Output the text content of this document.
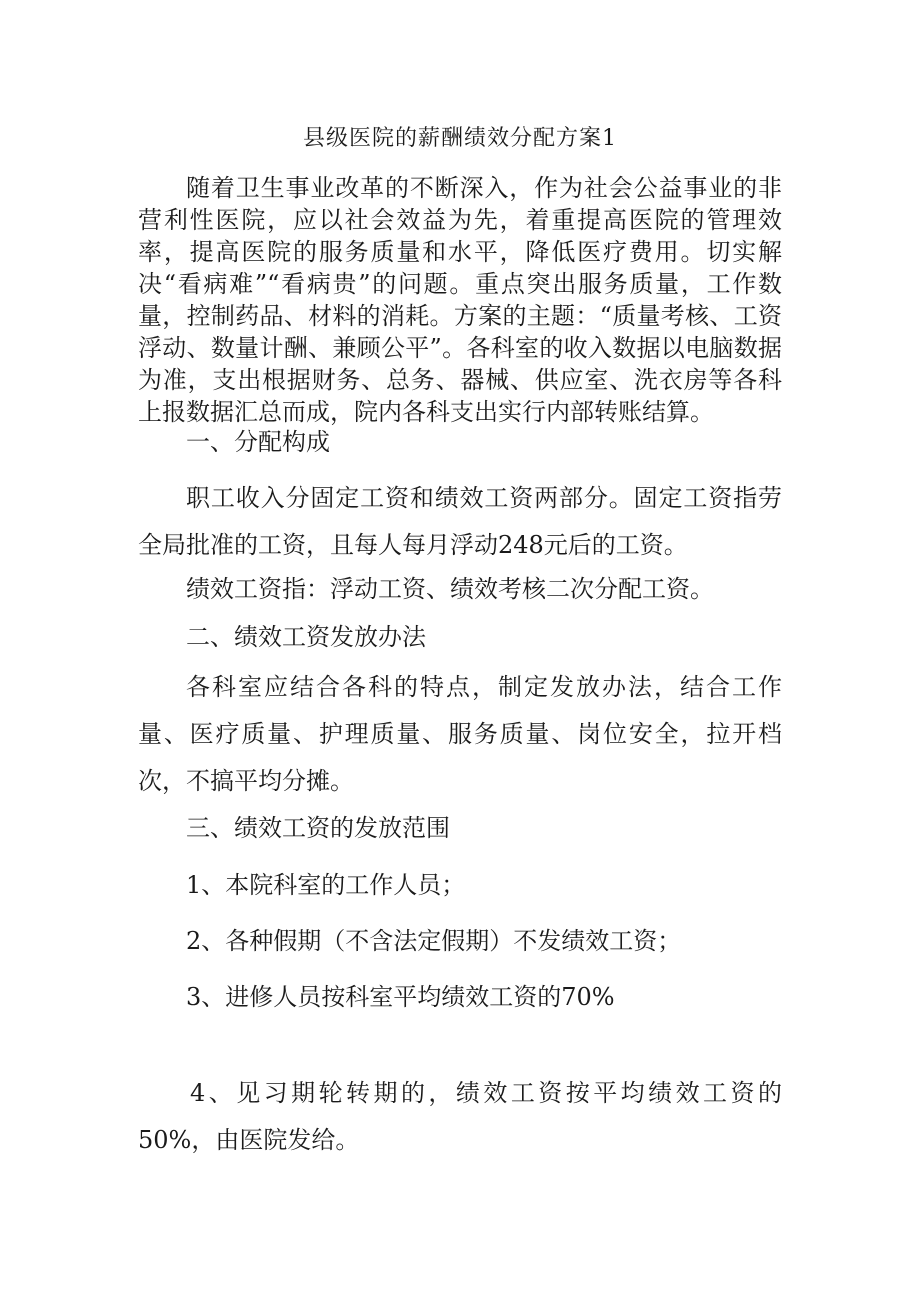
县级医院的薪酬绩效分配方案1

随着卫生事业改革的不断深入，作为社会公益事业的非营利性医院，应以社会效益为先，着重提高医院的管理效率，提高医院的服务质量和水平，降低医疗费用。切实解决“看病难”“看病贵”的问题。重点突出服务质量，工作数量，控制药品、材料的消耗。方案的主题：“质量考核、工资浮动、数量计酬、兼顾公平”。各科室的收入数据以电脑数据为准，支出根据财务、总务、器械、供应室、洗衣房等各科上报数据汇总而成，院内各科支出实行内部转账结算。

一、分配构成

职工收入分固定工资和绩效工资两部分。固定工资指劳全局批准的工资，且每人每月浮动248元后的工资。

绩效工资指：浮动工资、绩效考核二次分配工资。

二、绩效工资发放办法

各科室应结合各科的特点，制定发放办法，结合工作量、医疗质量、护理质量、服务质量、岗位安全，拉开档次，不搞平均分摊。

三、绩效工资的发放范围

1、本院科室的工作人员；

2、各种假期（不含法定假期）不发绩效工资；

3、进修人员按科室平均绩效工资的70%

4、见习期轮转期的，绩效工资按平均绩效工资的50%，由医院发给。
